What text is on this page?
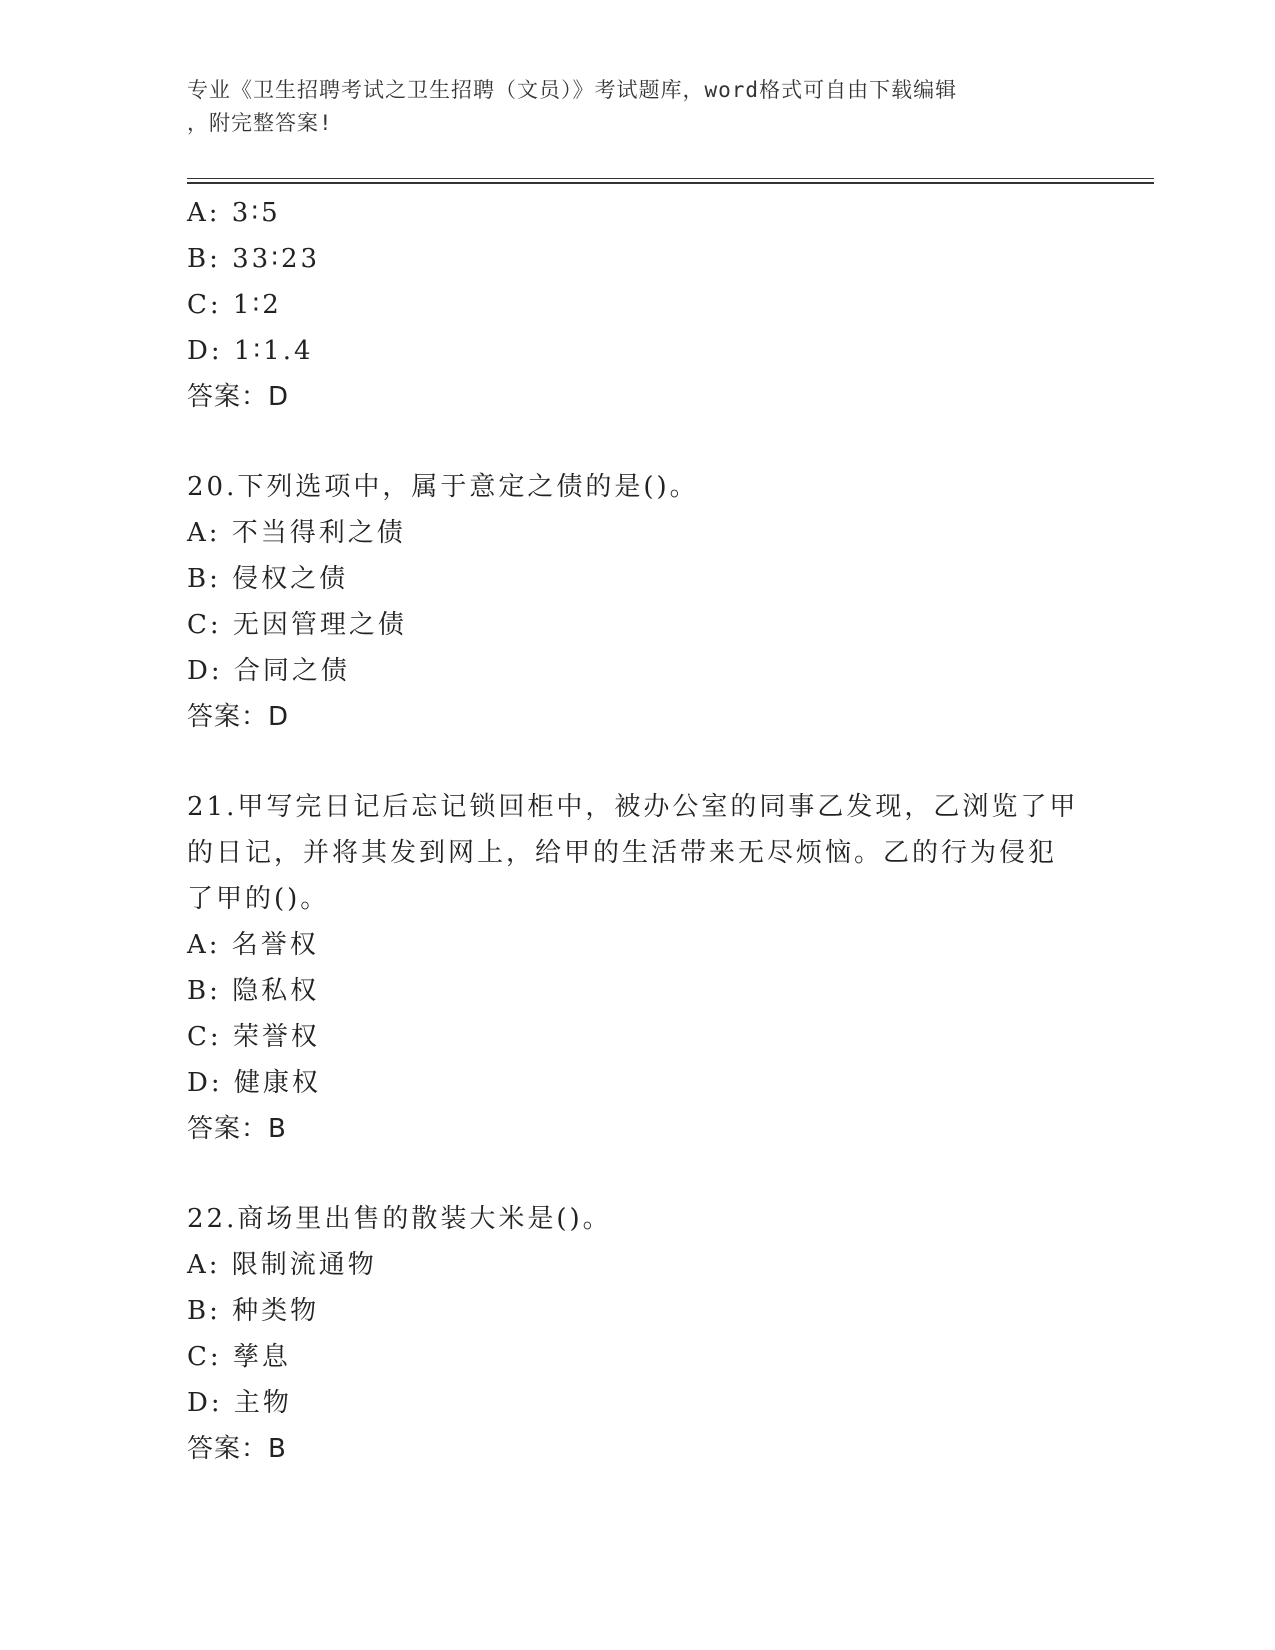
专业《卫生招聘考试之卫生招聘（文员）》考试题库，word格式可自由下载编辑
，附完整答案!
A: 3∶5
B: 33∶23
C: 1∶2
D: 1∶1.4
答案：D
20.下列选项中，属于意定之债的是()。
A: 不当得利之债
B: 侵权之债
C: 无因管理之债
D: 合同之债
答案：D
21.甲写完日记后忘记锁回柜中，被办公室的同事乙发现，乙浏览了甲
的日记，并将其发到网上，给甲的生活带来无尽烦恼。乙的行为侵犯
了甲的()。
A: 名誉权
B: 隐私权
C: 荣誉权
D: 健康权
答案：B
22.商场里出售的散装大米是()。
A: 限制流通物
B: 种类物
C: 孳息
D: 主物
答案：B
